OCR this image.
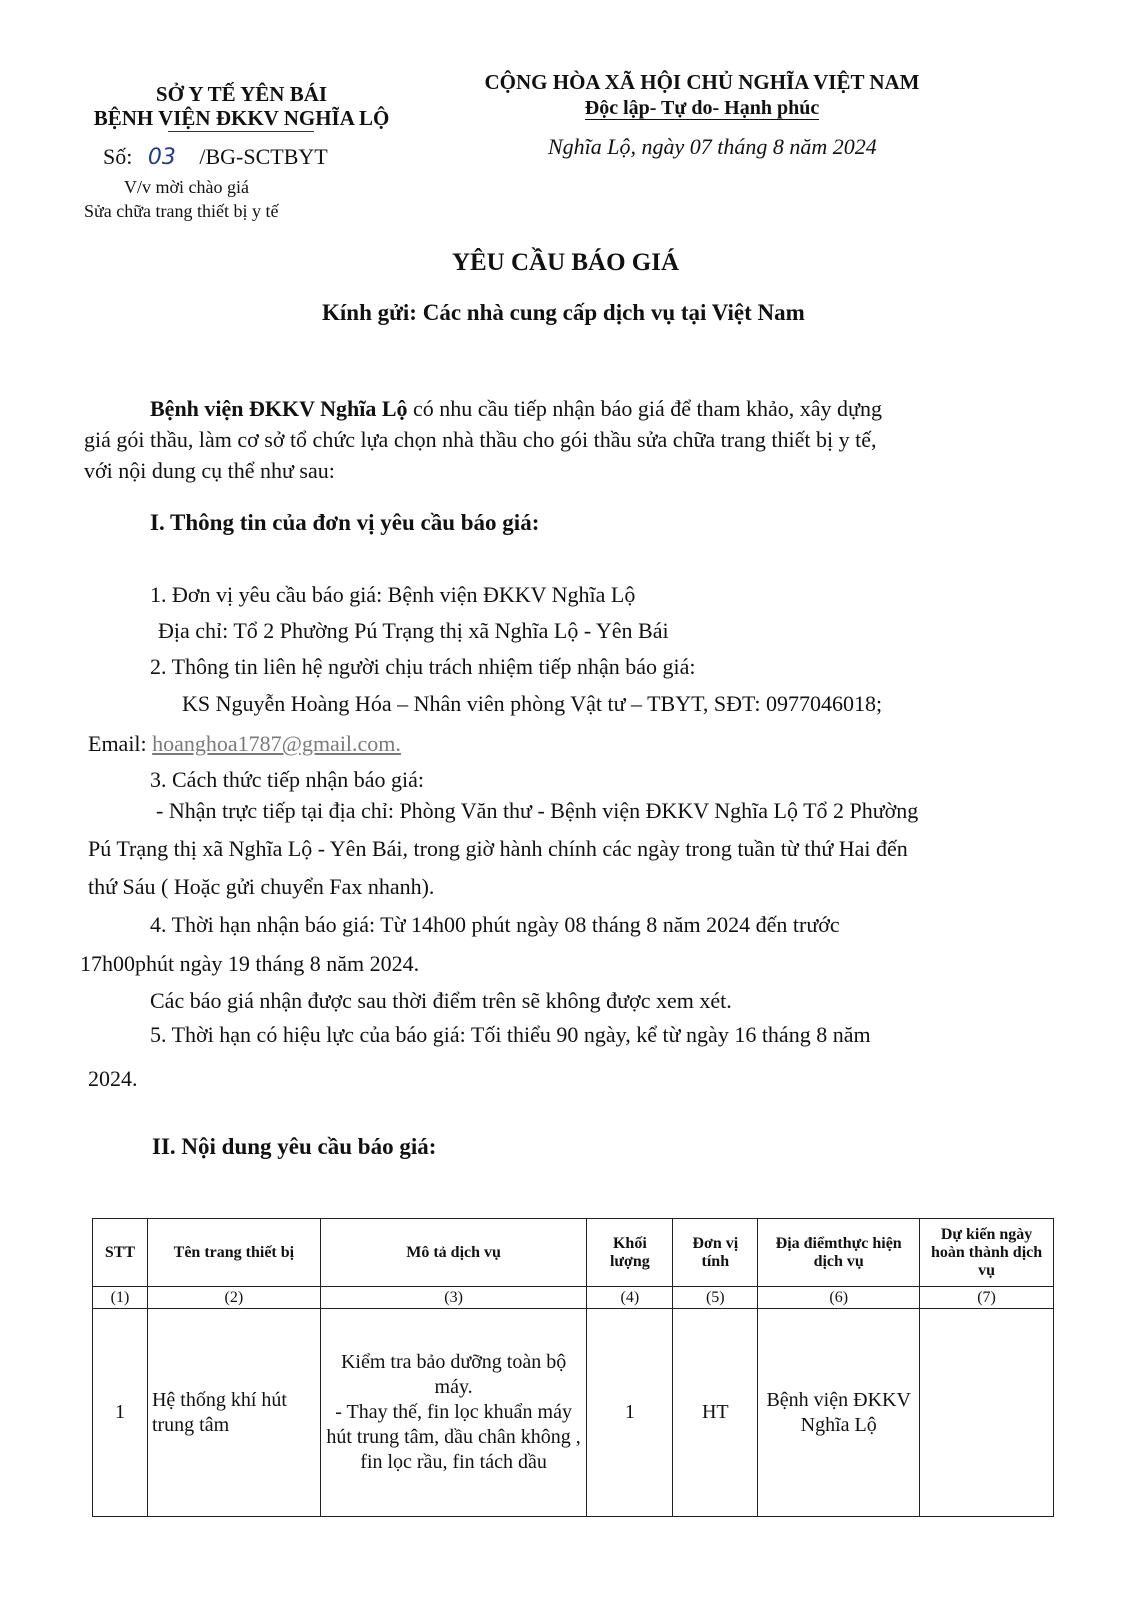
SỞ Y TẾ YÊN BÁI
BỆNH VIỆN ĐKKV NGHĨA LỘ
Số: 03 /BG-SCTBYT
V/v mời chào giá
Sửa chữa trang thiết bị y tế
CỘNG HÒA XÃ HỘI CHỦ NGHĨA VIỆT NAM
Độc lập- Tự do- Hạnh phúc
Nghĩa Lộ, ngày 07 tháng 8 năm 2024
YÊU CẦU BÁO GIÁ
Kính gửi: Các nhà cung cấp dịch vụ tại Việt Nam
Bệnh viện ĐKKV Nghĩa Lộ có nhu cầu tiếp nhận báo giá để tham khảo, xây dựng
giá gói thầu, làm cơ sở tổ chức lựa chọn nhà thầu cho gói thầu sửa chữa trang thiết bị y tế,
với nội dung cụ thể như sau:
I. Thông tin của đơn vị yêu cầu báo giá:
1. Đơn vị yêu cầu báo giá: Bệnh viện ĐKKV Nghĩa Lộ
Địa chỉ: Tổ 2 Phường Pú Trạng thị xã Nghĩa Lộ - Yên Bái
2. Thông tin liên hệ người chịu trách nhiệm tiếp nhận báo giá:
KS Nguyễn Hoàng Hóa – Nhân viên phòng Vật tư – TBYT, SĐT: 0977046018;
Email: hoanghoa1787@gmail.com.
3. Cách thức tiếp nhận báo giá:
- Nhận trực tiếp tại địa chỉ: Phòng Văn thư - Bệnh viện ĐKKV Nghĩa Lộ Tổ 2 Phường
Pú Trạng thị xã Nghĩa Lộ - Yên Bái, trong giờ hành chính các ngày trong tuần từ thứ Hai đến
thứ Sáu ( Hoặc gửi chuyển Fax nhanh).
4. Thời hạn nhận báo giá: Từ 14h00 phút ngày 08 tháng 8 năm 2024 đến trước
17h00phút ngày 19 tháng 8 năm 2024.
Các báo giá nhận được sau thời điểm trên sẽ không được xem xét.
5. Thời hạn có hiệu lực của báo giá: Tối thiểu 90 ngày, kể từ ngày 16 tháng 8 năm
2024.
II. Nội dung yêu cầu báo giá:
STT	Tên trang thiết bị	Mô tả dịch vụ	Khối lượng	Đơn vị tính	Địa điểmthực hiện dịch vụ	Dự kiến ngày hoàn thành dịch vụ
(1)	(2)	(3)	(4)	(5)	(6)	(7)
1	Hệ thống khí hút trung tâm	Kiểm tra bảo dưỡng toàn bộ máy.
- Thay thế, fin lọc khuẩn máy hút trung tâm, dầu chân không , fin lọc rầu, fin tách dầu	1	HT	Bệnh viện ĐKKV Nghĩa Lộ	
